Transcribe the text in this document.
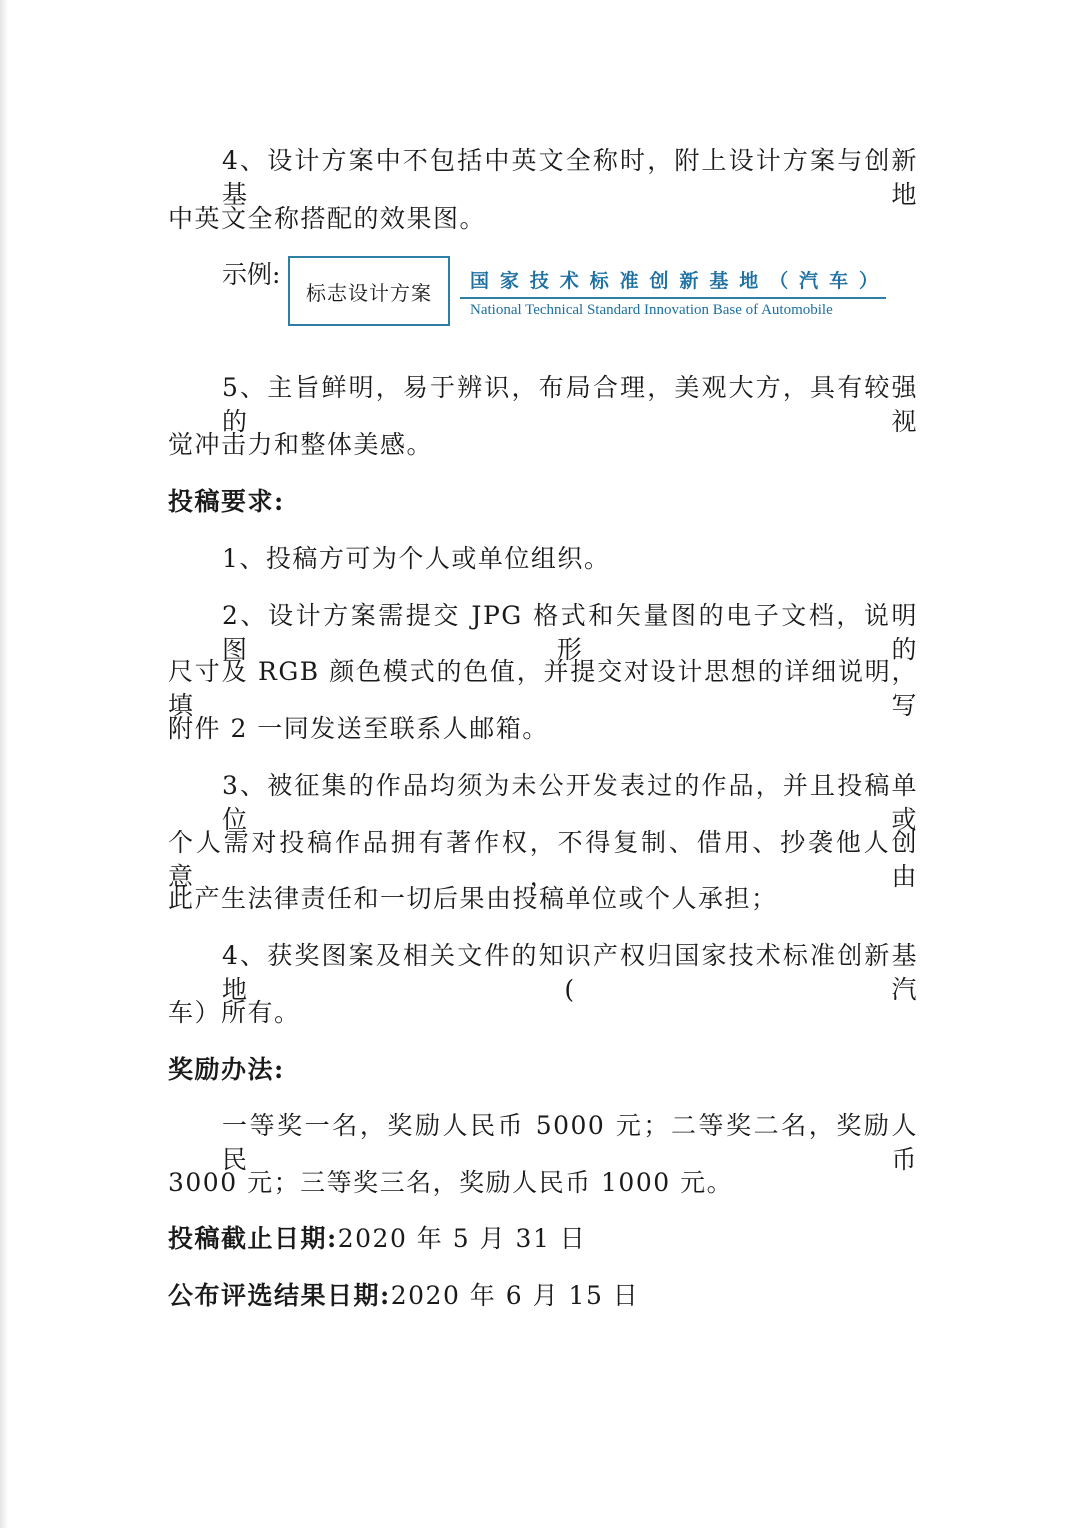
4、设计方案中不包括中英文全称时，附上设计方案与创新基地
中英文全称搭配的效果图。
示例:
标志设计方案	国家技术标准创新基地（汽车）
National Technical Standard Innovation Base of Automobile
5、主旨鲜明，易于辨识，布局合理，美观大方，具有较强的视
觉冲击力和整体美感。
投稿要求:
1、投稿方可为个人或单位组织。
2、设计方案需提交 JPG 格式和矢量图的电子文档，说明图形的
尺寸及 RGB 颜色模式的色值，并提交对设计思想的详细说明，填写
附件 2 一同发送至联系人邮箱。
3、被征集的作品均须为未公开发表过的作品，并且投稿单位或
个人需对投稿作品拥有著作权，不得复制、借用、抄袭他人创意，由
此产生法律责任和一切后果由投稿单位或个人承担；
4、获奖图案及相关文件的知识产权归国家技术标准创新基地(汽
车）所有。
奖励办法:
一等奖一名，奖励人民币 5000 元；二等奖二名，奖励人民币
3000 元；三等奖三名，奖励人民币 1000 元。
投稿截止日期:2020 年 5 月 31 日
公布评选结果日期:2020 年 6 月 15 日
